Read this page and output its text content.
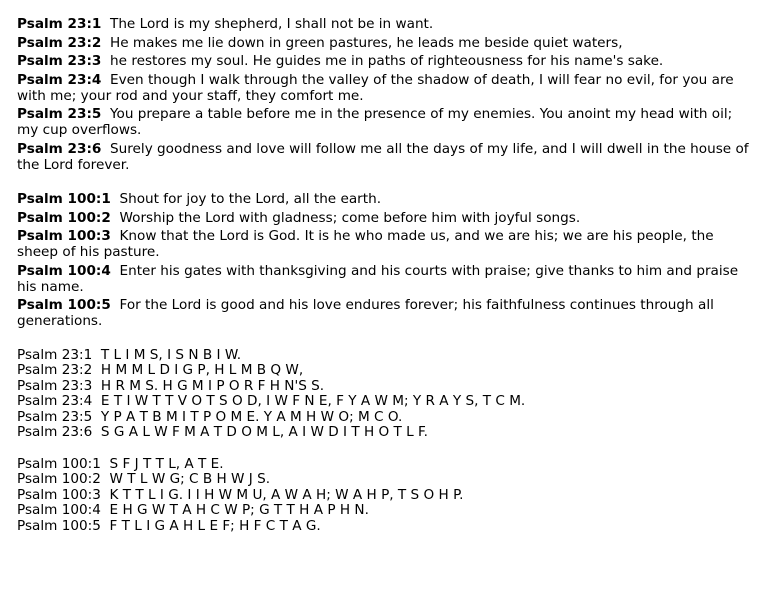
Psalm 23:1 The Lord is my shepherd, I shall not be in want.

Psalm 23:2 He makes me lie down in green pastures, he leads me beside quiet waters,

Psalm 23:3 he restores my soul. He guides me in paths of righteousness for his name's sake.

Psalm 23:4 Even though I walk through the valley of the shadow of death, I will fear no evil, for you are with me; your rod and your staff, they comfort me.

Psalm 23:5 You prepare a table before me in the presence of my enemies. You anoint my head with oil; my cup overflows.

Psalm 23:6 Surely goodness and love will follow me all the days of my life, and I will dwell in the house of the Lord forever.

Psalm 100:1 Shout for joy to the Lord, all the earth.

Psalm 100:2 Worship the Lord with gladness; come before him with joyful songs.

Psalm 100:3 Know that the Lord is God. It is he who made us, and we are his; we are his people, the sheep of his pasture.

Psalm 100:4 Enter his gates with thanksgiving and his courts with praise; give thanks to him and praise his name.

Psalm 100:5 For the Lord is good and his love endures forever; his faithfulness continues through all generations.

Psalm 23:1 T L I M S, I S N B I W.

Psalm 23:2 H M M L D I G P, H L M B Q W,

Psalm 23:3 H R M S. H G M I P O R F H N'S S.

Psalm 23:4 E T I W T T V O T S O D, I W F N E, F Y A W M; Y R A Y S, T C M.

Psalm 23:5 Y P A T B M I T P O M E. Y A M H W O; M C O.

Psalm 23:6 S G A L W F M A T D O M L, A I W D I T H O T L F.

Psalm 100:1 S F J T T L, A T E.

Psalm 100:2 W T L W G; C B H W J S.

Psalm 100:3 K T T L I G. I I H W M U, A W A H; W A H P, T S O H P.

Psalm 100:4 E H G W T A H C W P; G T T H A P H N.

Psalm 100:5 F T L I G A H L E F; H F C T A G.
